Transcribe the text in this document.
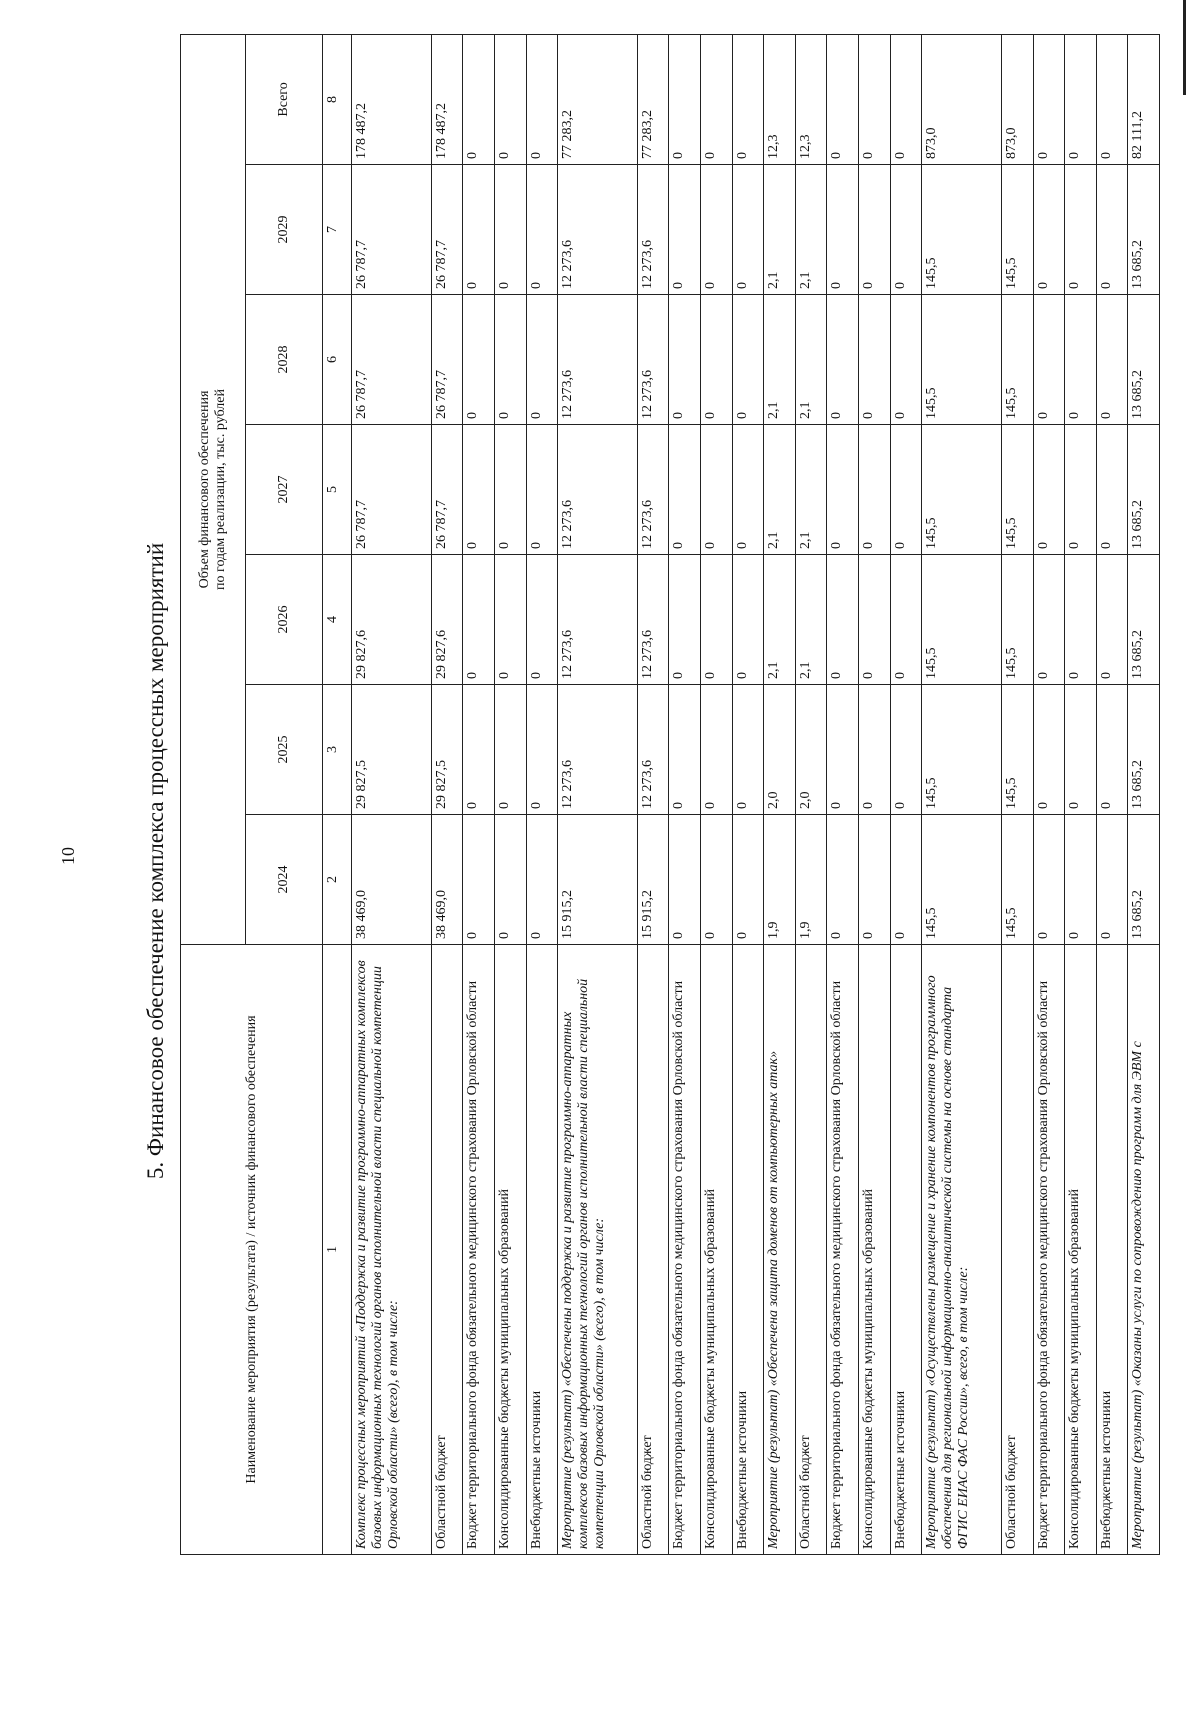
10	5. Финансовое обеспечение комплекса процессных мероприятий
Наименование мероприятия (результата) / источник финансового обеспечения	Объем финансового обеспечения по годам реализации, тыс. рублей						

	2024	2025	2026	2027	2028	2029	Всего
1	2	3	4	5	6	7	8
Комплекс процессных мероприятий «Поддержка и развитие программно-аппаратных комплексов базовых информационных технологий органов исполнительной власти специальной компетенции Орловской области» (всего), в том числе:	38 469,0	29 827,5	29 827,6	26 787,7	26 787,7	26 787,7	178 487,2
Областной бюджет	38 469,0	29 827,5	29 827,6	26 787,7	26 787,7	26 787,7	178 487,2
Бюджет территориального фонда обязательного медицинского страхования Орловской области	0	0	0	0	0	0	0
Консолидированные бюджеты муниципальных образований	0	0	0	0	0	0	0
Внебюджетные источники	0	0	0	0	0	0	0
Мероприятие (результат) «Обеспечены поддержка и развитие программно-аппаратных комплексов базовых информационных технологий органов исполнительной власти специальной компетенции Орловской области» (всего), в том числе:	15 915,2	12 273,6	12 273,6	12 273,6	12 273,6	12 273,6	77 283,2
Областной бюджет	15 915,2	12 273,6	12 273,6	12 273,6	12 273,6	12 273,6	77 283,2
Бюджет территориального фонда обязательного медицинского страхования Орловской области	0	0	0	0	0	0	0
Консолидированные бюджеты муниципальных образований	0	0	0	0	0	0	0
Внебюджетные источники	0	0	0	0	0	0	0
Мероприятие (результат) «Обеспечена защита доменов от компьютерных атак»	1,9	2,0	2,1	2,1	2,1	2,1	12,3
Областной бюджет	1,9	2,0	2,1	2,1	2,1	2,1	12,3
Бюджет территориального фонда обязательного медицинского страхования Орловской области	0	0	0	0	0	0	0
Консолидированные бюджеты муниципальных образований	0	0	0	0	0	0	0
Внебюджетные источники	0	0	0	0	0	0	0
Мероприятие (результат) «Осуществлены размещение и хранение компонентов программного обеспечения для региональной информационно-аналитической системы на основе стандарта ФГИС ЕИАС ФАС России», всего, в том числе:	145,5	145,5	145,5	145,5	145,5	145,5	873,0
Областной бюджет	145,5	145,5	145,5	145,5	145,5	145,5	873,0
Бюджет территориального фонда обязательного медицинского страхования Орловской области	0	0	0	0	0	0	0
Консолидированные бюджеты муниципальных образований	0	0	0	0	0	0	0
Внебюджетные источники	0	0	0	0	0	0	0
Мероприятие (результат) «Оказаны услуги по сопровождению программ для ЭВМ с	13 685,2	13 685,2	13 685,2	13 685,2	13 685,2	13 685,2	82 111,2
